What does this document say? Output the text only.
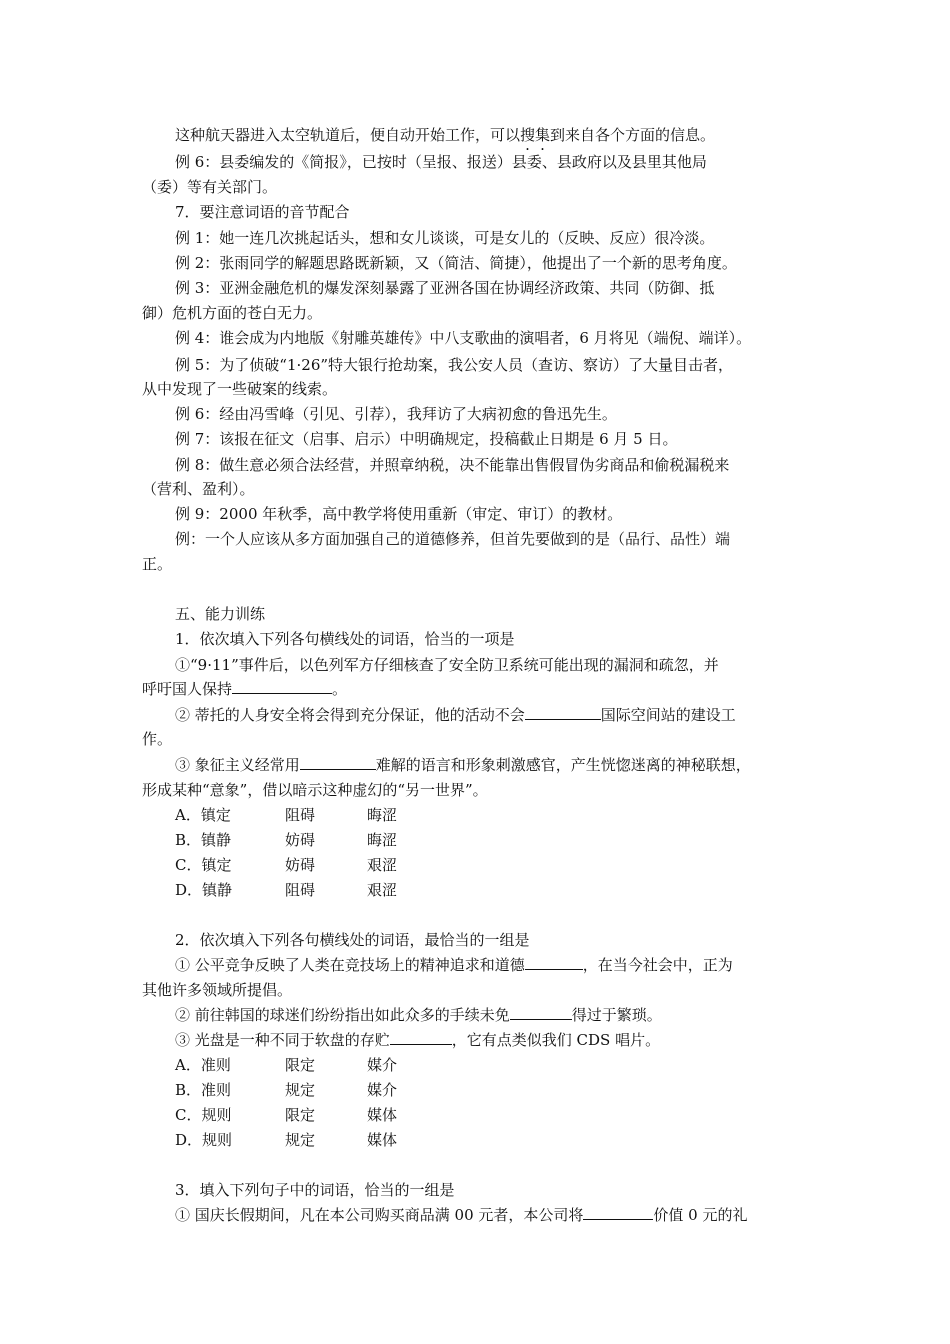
这种航天器进入太空轨道后，便自动开始工作，可以搜集到来自各个方面的信息。
例 6：县委编发的《简报》，已按时（呈报、报送）县委、县政府以及县里其他局
（委）等有关部门。
7．要注意词语的音节配合
例 1：她一连几次挑起话头，想和女儿谈谈，可是女儿的（反映、反应）很冷淡。
例 2：张雨同学的解题思路既新颖，又（简洁、简捷），他提出了一个新的思考角度。
例 3：亚洲金融危机的爆发深刻暴露了亚洲各国在协调经济政策、共同（防御、抵
御）危机方面的苍白无力。
例 4：谁会成为内地版《射雕英雄传》中八支歌曲的演唱者，6 月将见（端倪、端详）。
例 5：为了侦破“1·26”特大银行抢劫案，我公安人员（查访、察访）了大量目击者，
从中发现了一些破案的线索。
例 6：经由冯雪峰（引见、引荐），我拜访了大病初愈的鲁迅先生。
例 7：该报在征文（启事、启示）中明确规定，投稿截止日期是 6 月 5 日。
例 8：做生意必须合法经营，并照章纳税，决不能靠出售假冒伪劣商品和偷税漏税来
（营利、盈利）。
例 9：2000 年秋季，高中教学将使用重新（审定、审订）的教材。
例：一个人应该从多方面加强自己的道德修养，但首先要做到的是（品行、品性）端
正。
五、能力训练
1．依次填入下列各句横线处的词语，恰当的一项是
①“9·11”事件后，以色列军方仔细核查了安全防卫系统可能出现的漏洞和疏忽，并
呼吁国人保持	。
② 蒂托的人身安全将会得到充分保证，他的活动不会	国际空间站的建设工
作。
③ 象征主义经常用	难解的语言和形象刺激感官，产生恍惚迷离的神秘联想，
形成某种“意象”，借以暗示这种虚幻的“另一世界”。
A．镇定	阻碍	晦涩
B．镇静	妨碍	晦涩
C．镇定	妨碍	艰涩
D．镇静	阻碍	艰涩
2．依次填入下列各句横线处的词语，最恰当的一组是
① 公平竞争反映了人类在竞技场上的精神追求和道德	，在当今社会中，正为
其他许多领域所提倡。
② 前往韩国的球迷们纷纷指出如此众多的手续未免	得过于繁琐。
③ 光盘是一种不同于软盘的存贮	，它有点类似我们 CDS 唱片。
A．准则	限定	媒介
B．准则	规定	媒介
C．规则	限定	媒体
D．规则	规定	媒体
3．填入下列句子中的词语，恰当的一组是
① 国庆长假期间，凡在本公司购买商品满 00 元者，本公司将	价值 0 元的礼
